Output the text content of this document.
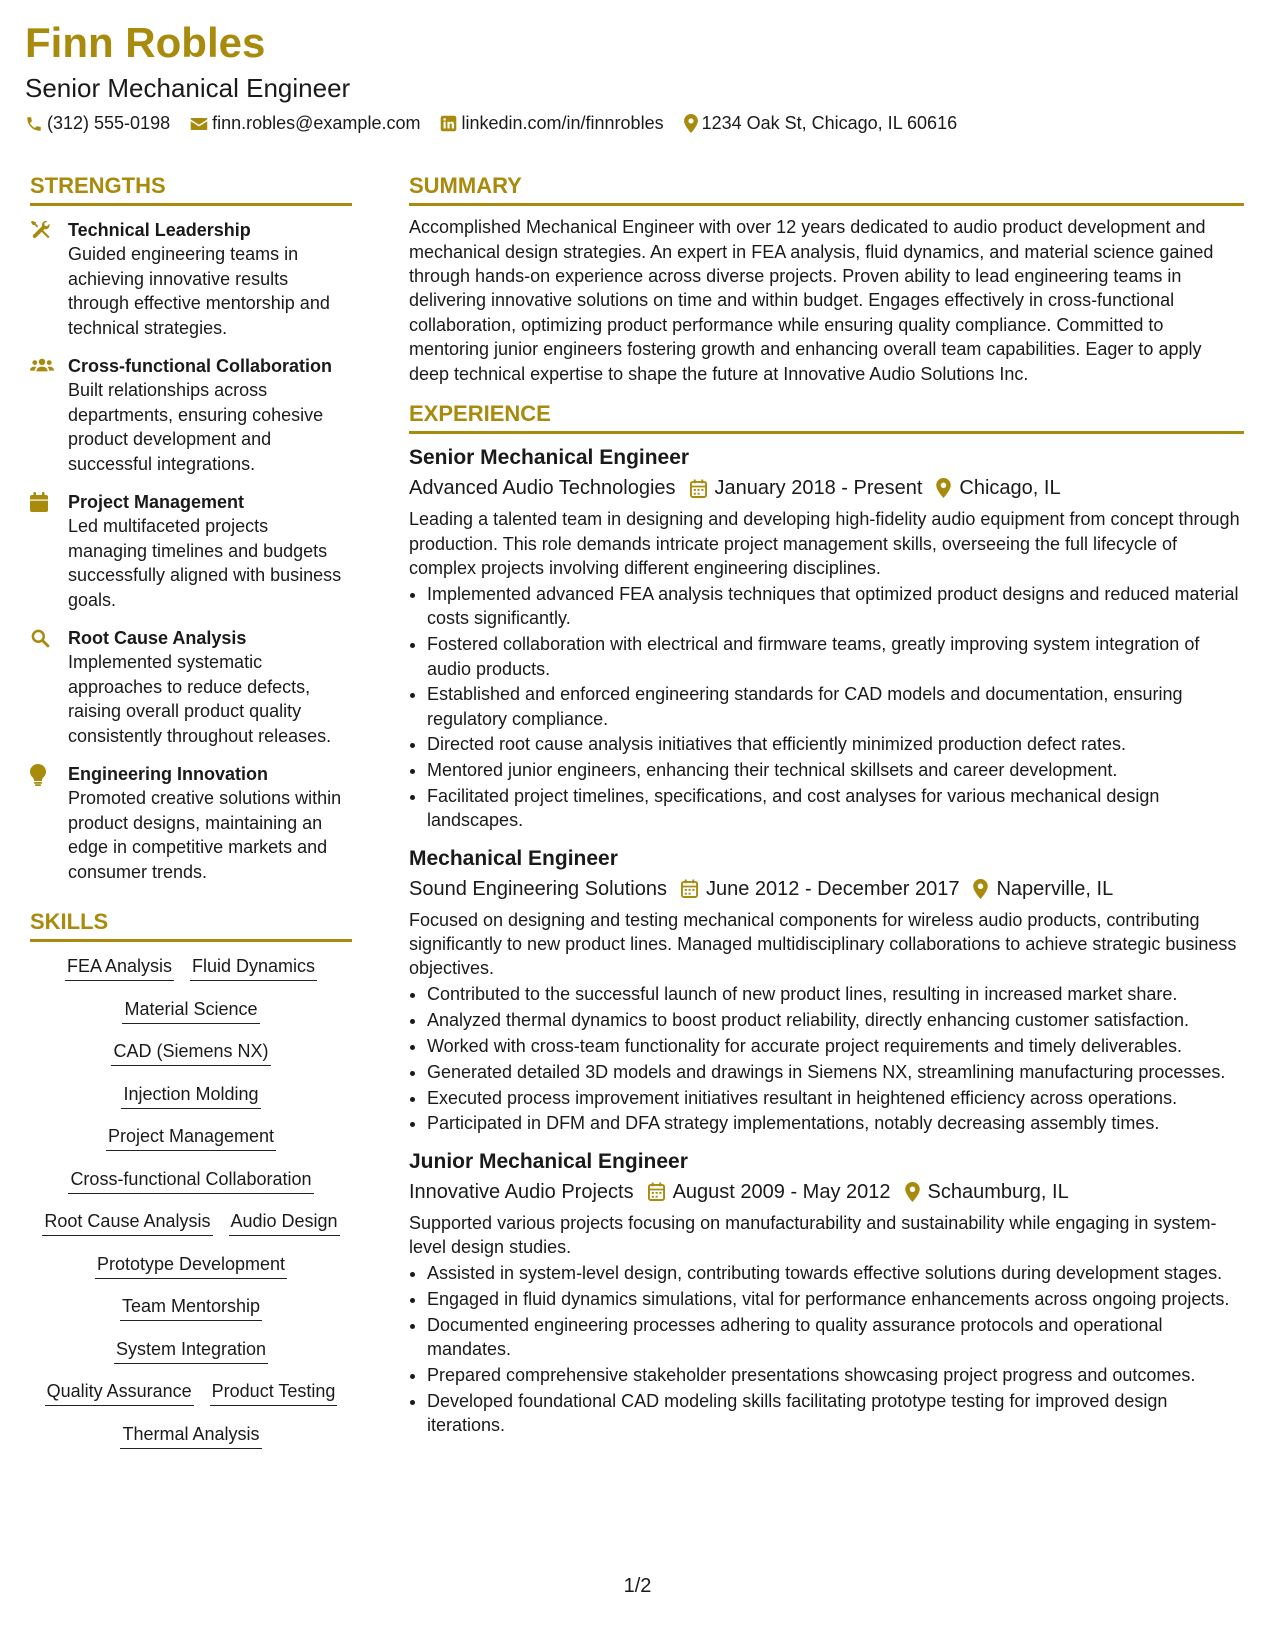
Finn Robles
Senior Mechanical Engineer
(312) 555-0198 finn.robles@example.com linkedin.com/in/finnrobles 1234 Oak St, Chicago, IL 60616
STRENGTHS
Technical Leadership
Guided engineering teams in achieving innovative results through effective mentorship and technical strategies.
Cross-functional Collaboration
Built relationships across departments, ensuring cohesive product development and successful integrations.
Project Management
Led multifaceted projects managing timelines and budgets successfully aligned with business goals.
Root Cause Analysis
Implemented systematic approaches to reduce defects, raising overall product quality consistently throughout releases.
Engineering Innovation
Promoted creative solutions within product designs, maintaining an edge in competitive markets and consumer trends.
SKILLS
FEA Analysis Fluid Dynamics
Material Science
CAD (Siemens NX)
Injection Molding
Project Management
Cross-functional Collaboration
Root Cause Analysis Audio Design
Prototype Development
Team Mentorship
System Integration
Quality Assurance Product Testing
Thermal Analysis
SUMMARY
Accomplished Mechanical Engineer with over 12 years dedicated to audio product development and mechanical design strategies. An expert in FEA analysis, fluid dynamics, and material science gained through hands-on experience across diverse projects. Proven ability to lead engineering teams in delivering innovative solutions on time and within budget. Engages effectively in cross-functional collaboration, optimizing product performance while ensuring quality compliance. Committed to mentoring junior engineers fostering growth and enhancing overall team capabilities. Eager to apply deep technical expertise to shape the future at Innovative Audio Solutions Inc.
EXPERIENCE
Senior Mechanical Engineer
Advanced Audio Technologies January 2018 - Present Chicago, IL
Leading a talented team in designing and developing high-fidelity audio equipment from concept through production. This role demands intricate project management skills, overseeing the full lifecycle of complex projects involving different engineering disciplines.
• Implemented advanced FEA analysis techniques that optimized product designs and reduced material costs significantly.
• Fostered collaboration with electrical and firmware teams, greatly improving system integration of audio products.
• Established and enforced engineering standards for CAD models and documentation, ensuring regulatory compliance.
• Directed root cause analysis initiatives that efficiently minimized production defect rates.
• Mentored junior engineers, enhancing their technical skillsets and career development.
• Facilitated project timelines, specifications, and cost analyses for various mechanical design landscapes.
Mechanical Engineer
Sound Engineering Solutions June 2012 - December 2017 Naperville, IL
Focused on designing and testing mechanical components for wireless audio products, contributing significantly to new product lines. Managed multidisciplinary collaborations to achieve strategic business objectives.
• Contributed to the successful launch of new product lines, resulting in increased market share.
• Analyzed thermal dynamics to boost product reliability, directly enhancing customer satisfaction.
• Worked with cross-team functionality for accurate project requirements and timely deliverables.
• Generated detailed 3D models and drawings in Siemens NX, streamlining manufacturing processes.
• Executed process improvement initiatives resultant in heightened efficiency across operations.
• Participated in DFM and DFA strategy implementations, notably decreasing assembly times.
Junior Mechanical Engineer
Innovative Audio Projects August 2009 - May 2012 Schaumburg, IL
Supported various projects focusing on manufacturability and sustainability while engaging in system-level design studies.
• Assisted in system-level design, contributing towards effective solutions during development stages.
• Engaged in fluid dynamics simulations, vital for performance enhancements across ongoing projects.
• Documented engineering processes adhering to quality assurance protocols and operational mandates.
• Prepared comprehensive stakeholder presentations showcasing project progress and outcomes.
• Developed foundational CAD modeling skills facilitating prototype testing for improved design iterations.
1/2
